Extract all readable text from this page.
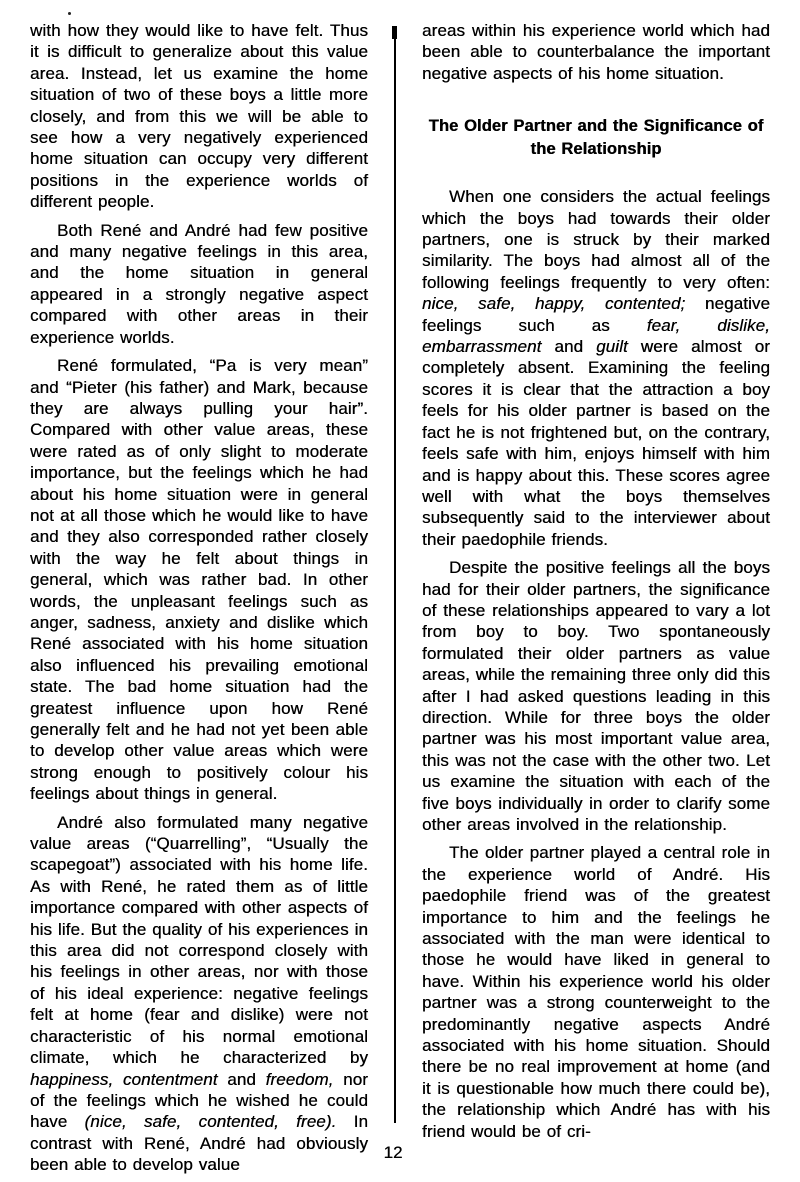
with how they would like to have felt. Thus it is difficult to generalize about this value area. Instead, let us examine the home situation of two of these boys a little more closely, and from this we will be able to see how a very negatively experienced home situation can occupy very different positions in the experience worlds of different people.

Both René and André had few positive and many negative feelings in this area, and the home situation in general appeared in a strongly negative aspect compared with other areas in their experience worlds.

René formulated, “Pa is very mean” and “Pieter (his father) and Mark, because they are always pulling your hair”. Compared with other value areas, these were rated as of only slight to moderate importance, but the feelings which he had about his home situation were in general not at all those which he would like to have and they also corresponded rather closely with the way he felt about things in general, which was rather bad. In other words, the unpleasant feelings such as anger, sadness, anxiety and dislike which René associated with his home situation also influenced his prevailing emotional state. The bad home situation had the greatest influence upon how René generally felt and he had not yet been able to develop other value areas which were strong enough to positively colour his feelings about things in general.

André also formulated many negative value areas (“Quarrelling”, “Usually the scapegoat”) associated with his home life. As with René, he rated them as of little importance compared with other aspects of his life. But the quality of his experiences in this area did not correspond closely with his feelings in other areas, nor with those of his ideal experience: negative feelings felt at home (fear and dislike) were not characteristic of his normal emotional climate, which he characterized by happiness, contentment and freedom, nor of the feelings which he wished he could have (nice, safe, contented, free). In contrast with René, André had obviously been able to develop value

areas within his experience world which had been able to counterbalance the important negative aspects of his home situation.

The Older Partner and the Significance of the Relationship

When one considers the actual feelings which the boys had towards their older partners, one is struck by their marked similarity. The boys had almost all of the following feelings frequently to very often: nice, safe, happy, contented; negative feelings such as fear, dislike, embarrassment and guilt were almost or completely absent. Examining the feeling scores it is clear that the attraction a boy feels for his older partner is based on the fact he is not frightened but, on the contrary, feels safe with him, enjoys himself with him and is happy about this. These scores agree well with what the boys themselves subsequently said to the interviewer about their paedophile friends.

Despite the positive feelings all the boys had for their older partners, the significance of these relationships appeared to vary a lot from boy to boy. Two spontaneously formulated their older partners as value areas, while the remaining three only did this after I had asked questions leading in this direction. While for three boys the older partner was his most important value area, this was not the case with the other two. Let us examine the situation with each of the five boys individually in order to clarify some other areas involved in the relationship.

The older partner played a central role in the experience world of André. His paedophile friend was of the greatest importance to him and the feelings he associated with the man were identical to those he would have liked in general to have. Within his experience world his older partner was a strong counterweight to the predominantly negative aspects André associated with his home situation. Should there be no real improvement at home (and it is questionable how much there could be), the relationship which André has with his friend would be of cri-

12
